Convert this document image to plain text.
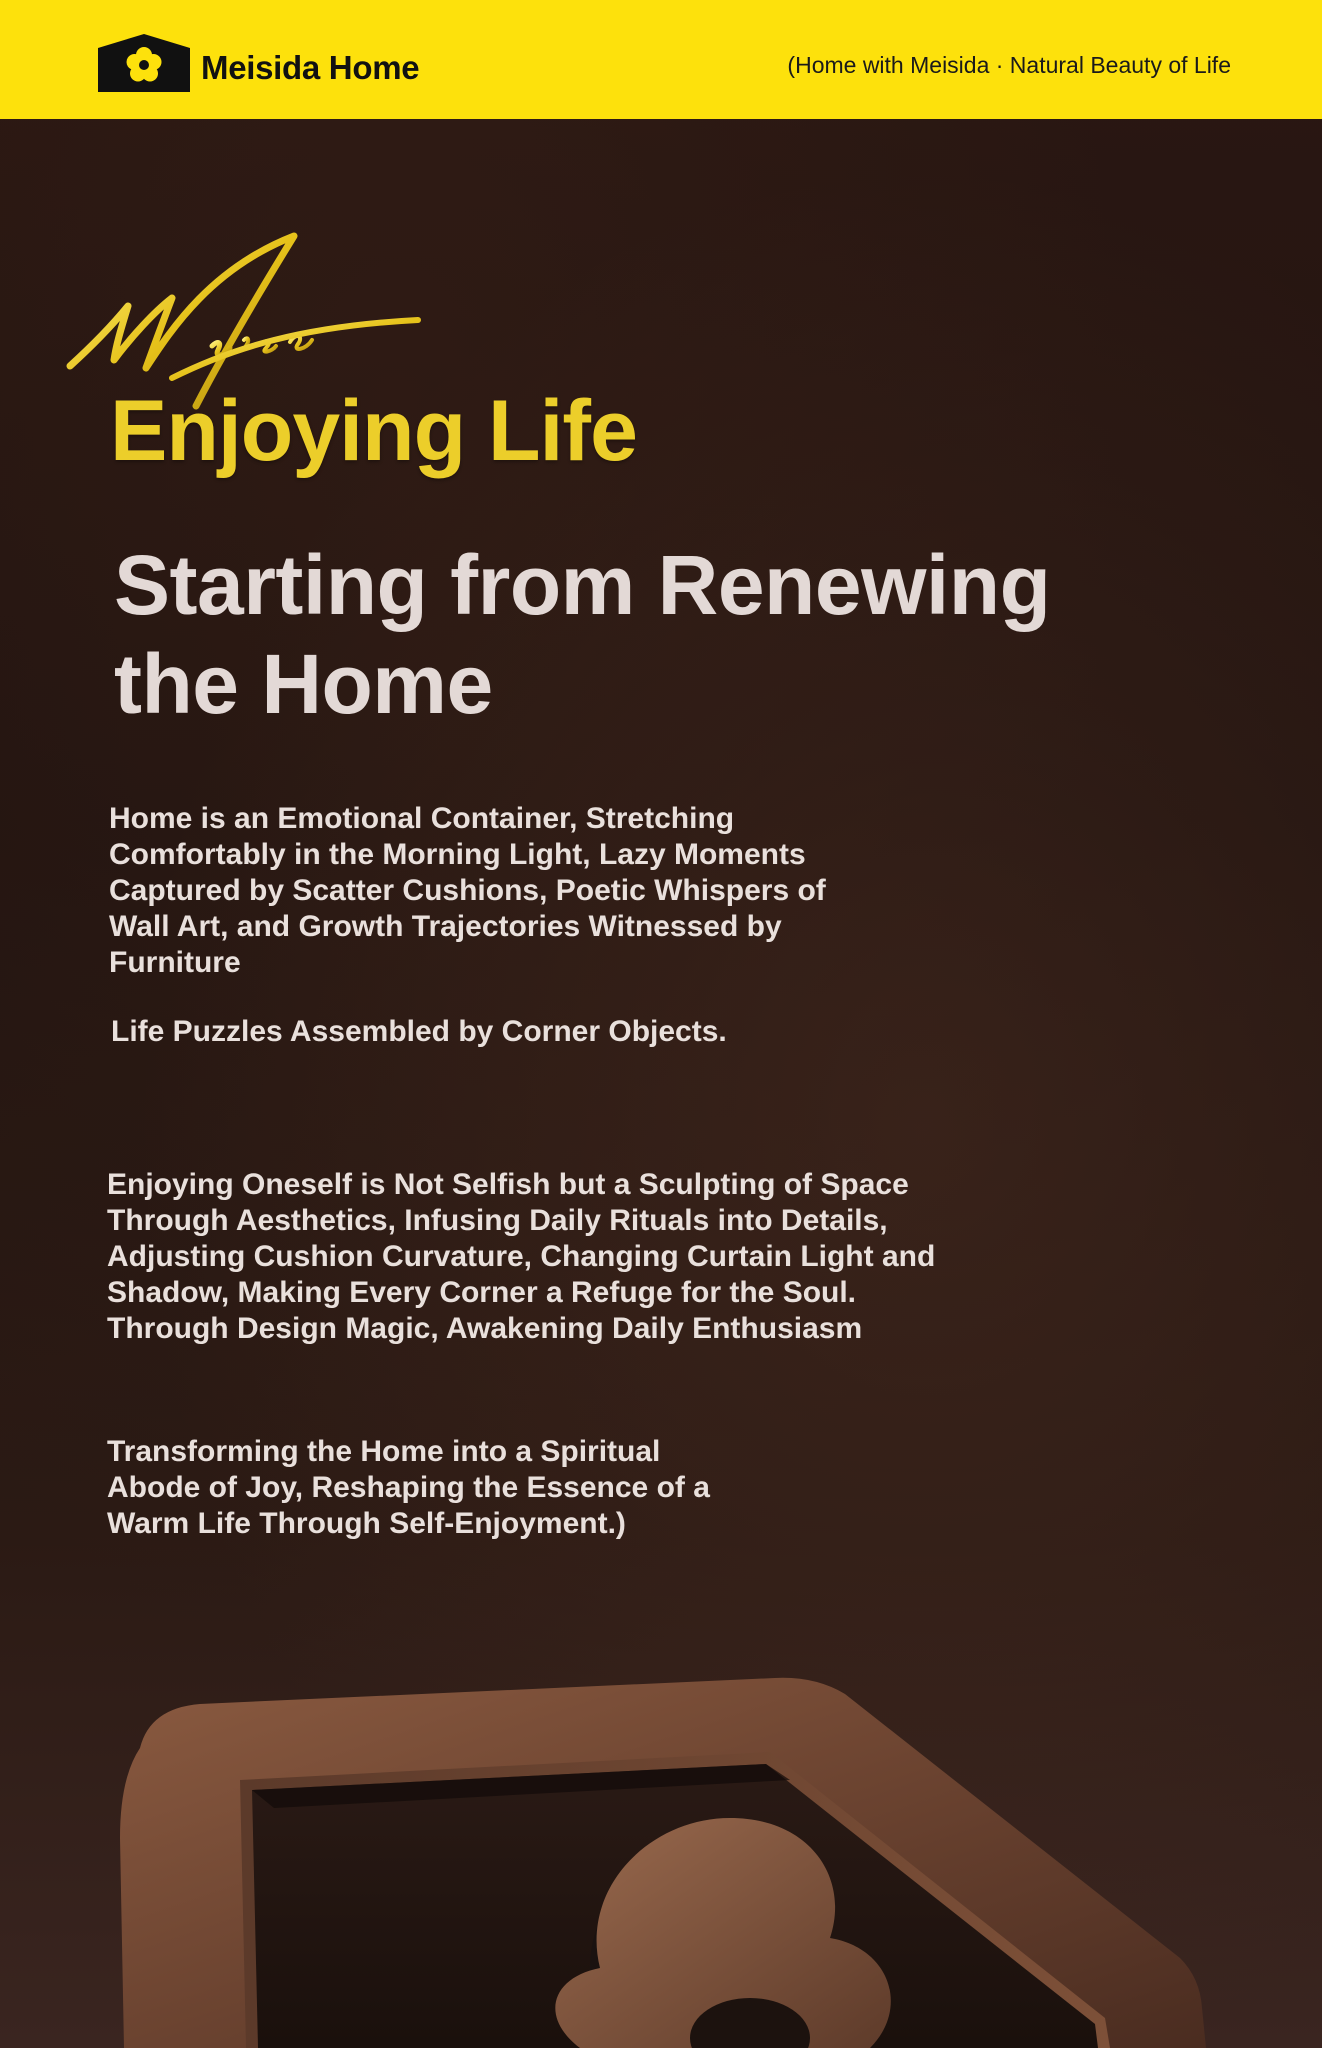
Meisida Home	(Home with Meisida · Natural Beauty of Life
Enjoying Life
Starting from Renewing the Home
Home is an Emotional Container, Stretching Comfortably in the Morning Light, Lazy Moments Captured by Scatter Cushions, Poetic Whispers of Wall Art, and Growth Trajectories Witnessed by Furniture
Life Puzzles Assembled by Corner Objects.
Enjoying Oneself is Not Selfish but a Sculpting of Space Through Aesthetics, Infusing Daily Rituals into Details, Adjusting Cushion Curvature, Changing Curtain Light and Shadow, Making Every Corner a Refuge for the Soul. Through Design Magic, Awakening Daily Enthusiasm
Transforming the Home into a Spiritual Abode of Joy, Reshaping the Essence of a Warm Life Through Self-Enjoyment.)
